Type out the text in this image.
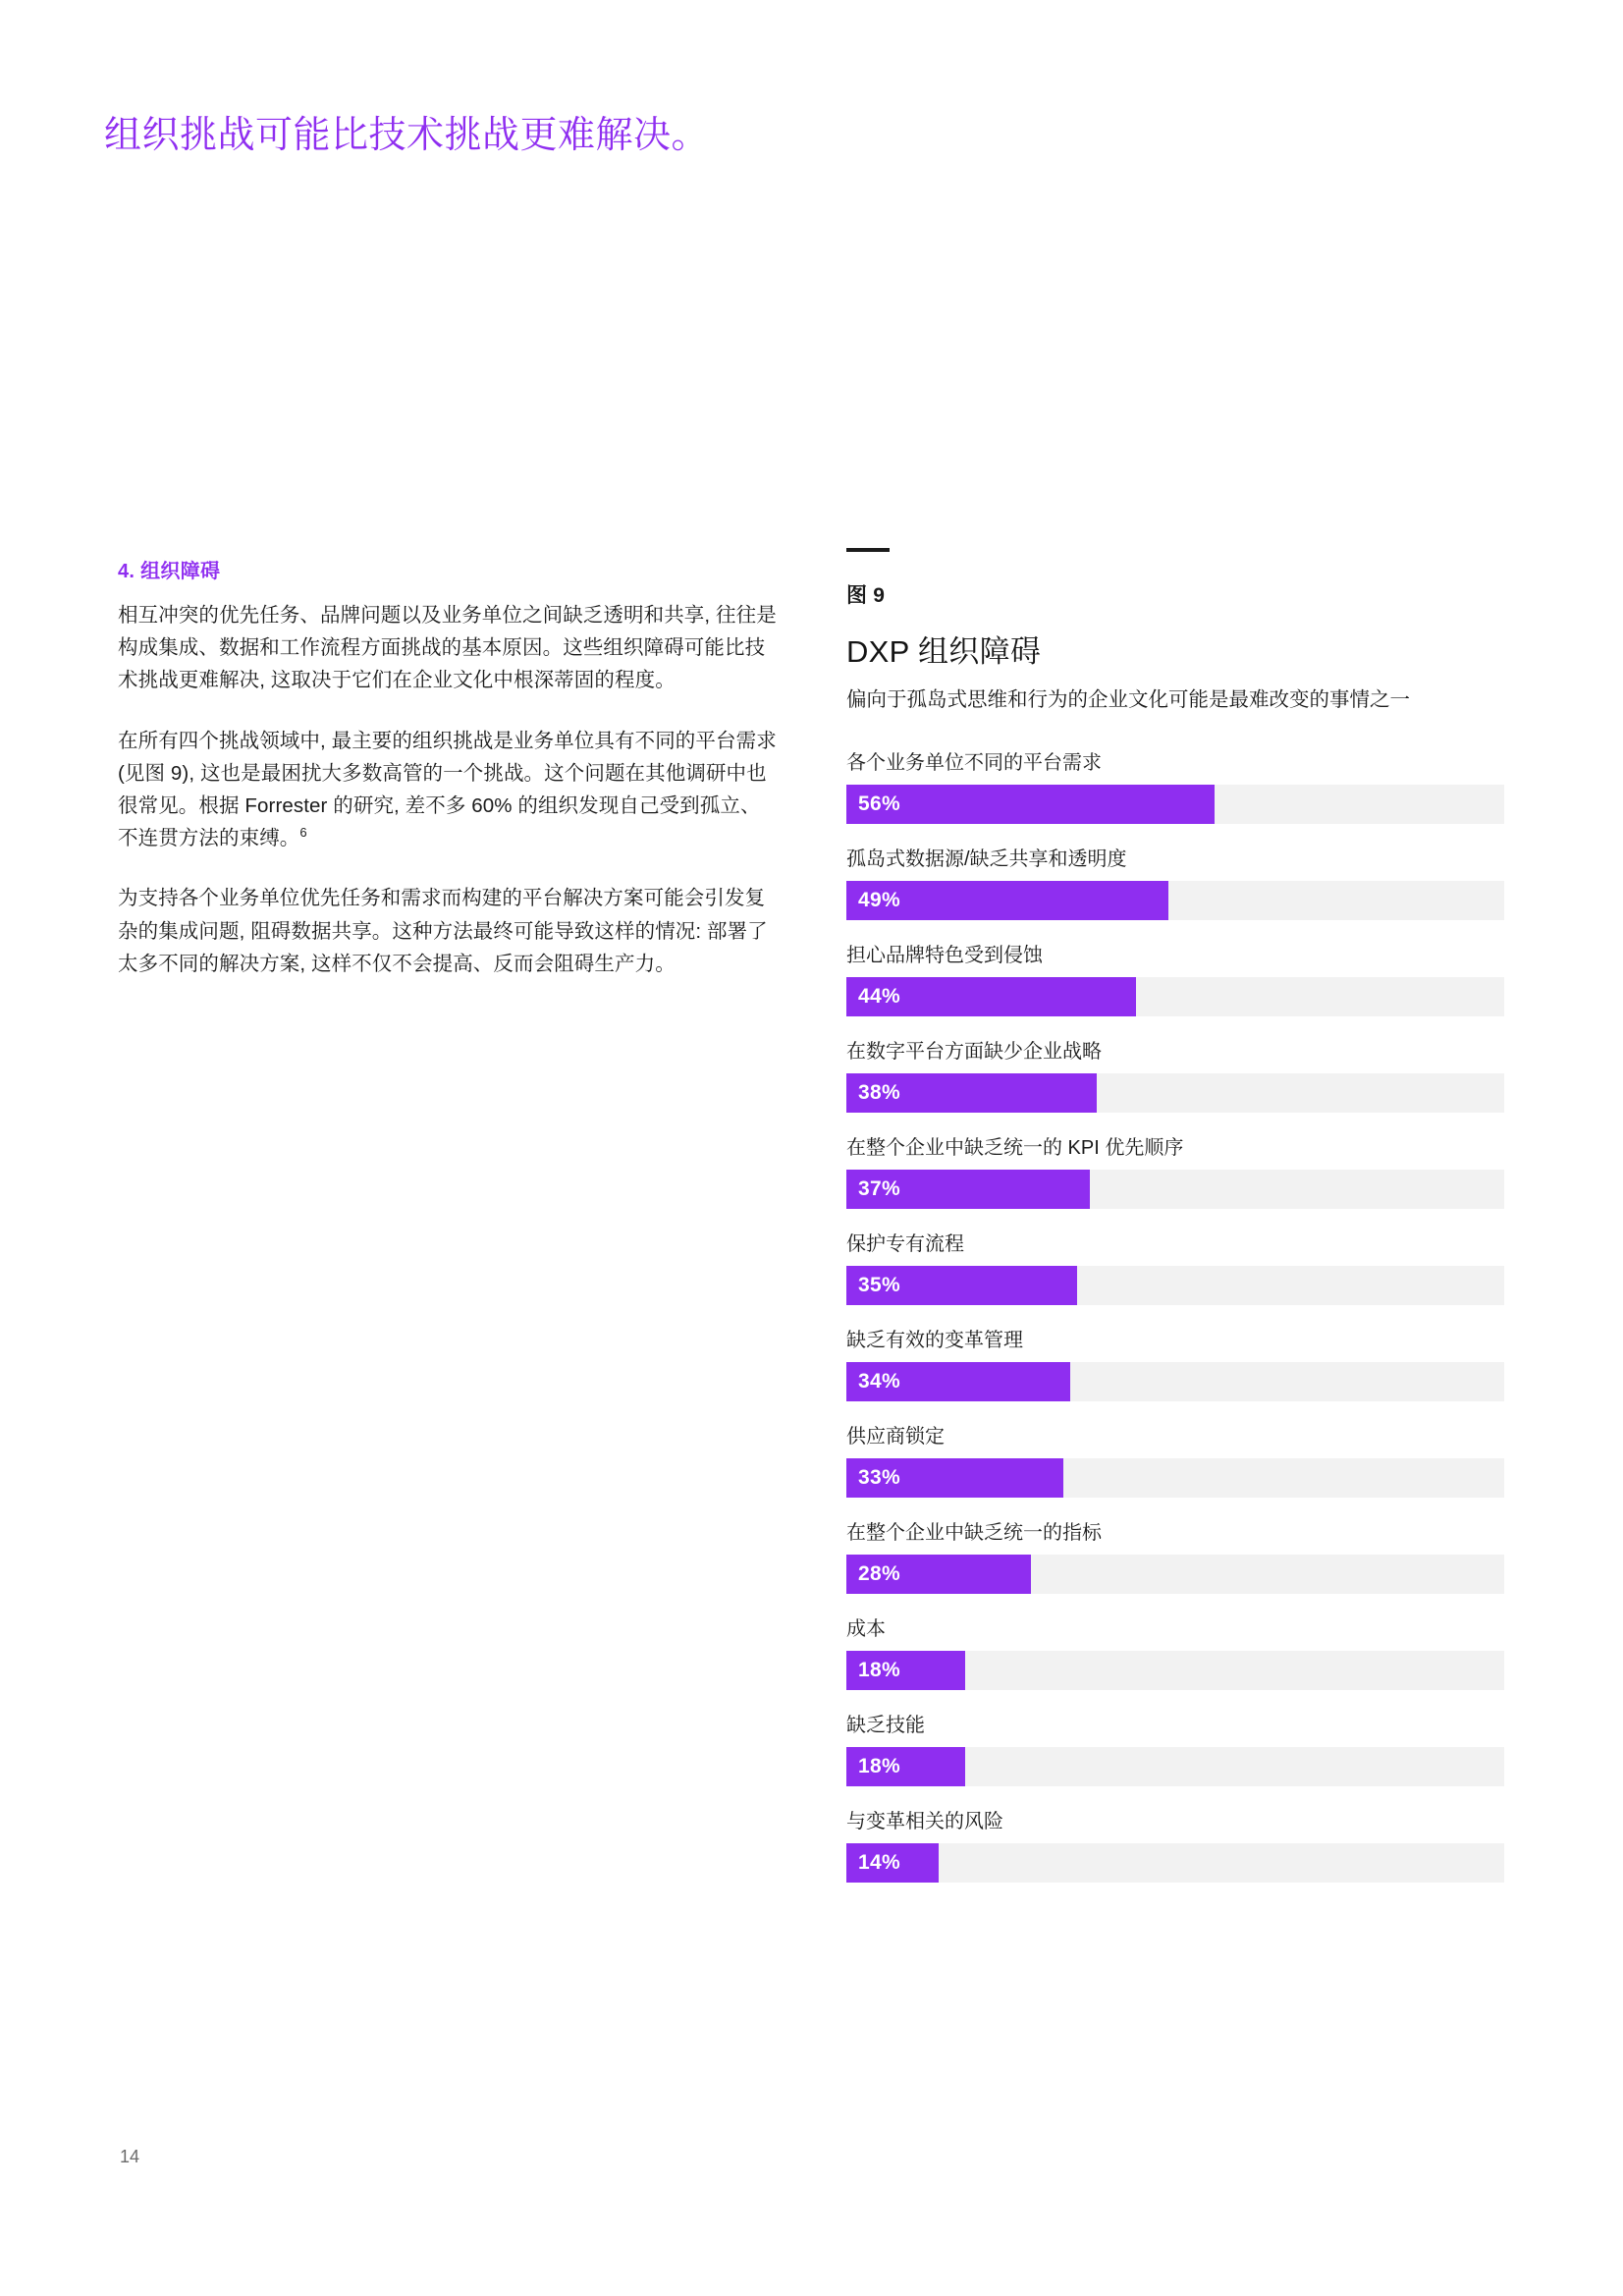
组织挑战可能比技术挑战更难解决。
4. 组织障碍

相互冲突的优先任务、品牌问题以及业务单位之间缺乏透明和共享, 往往是构成集成、数据和工作流程方面挑战的基本原因。这些组织障碍可能比技术挑战更难解决, 这取决于它们在企业文化中根深蒂固的程度。

在所有四个挑战领域中, 最主要的组织挑战是业务单位具有不同的平台需求 (见图 9), 这也是最困扰大多数高管的一个挑战。这个问题在其他调研中也很常见。根据 Forrester 的研究, 差不多 60% 的组织发现自己受到孤立、不连贯方法的束缚。$^6$

为支持各个业务单位优先任务和需求而构建的平台解决方案可能会引发复杂的集成问题, 阻碍数据共享。这种方法最终可能导致这样的情况: 部署了太多不同的解决方案, 这样不仅不会提高、反而会阻碍生产力。

图 9
DXP 组织障碍
偏向于孤岛式思维和行为的企业文化可能是最难改变的事情之一
各个业务单位不同的平台需求
56%
孤岛式数据源/缺乏共享和透明度
49%
担心品牌特色受到侵蚀
44%
在数字平台方面缺少企业战略
38%
在整个企业中缺乏统一的 KPI 优先顺序
37%
保护专有流程
35%
缺乏有效的变革管理
34%
供应商锁定
33%
在整个企业中缺乏统一的指标
28%
成本
18%
缺乏技能
18%
与变革相关的风险
14%
14
